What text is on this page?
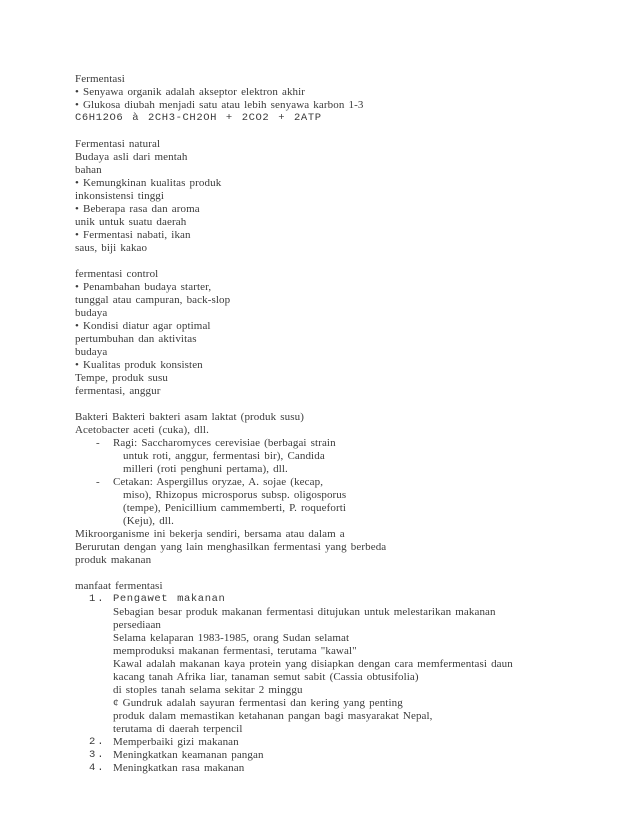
Fermentasi
• Senyawa organik adalah akseptor elektron akhir
• Glukosa diubah menjadi satu atau lebih senyawa karbon 1-3
C6H12O6 à 2CH3-CH2OH + 2CO2 + 2ATP
Fermentasi natural
Budaya asli dari mentah
bahan
• Kemungkinan kualitas produk
inkonsistensi tinggi
• Beberapa rasa dan aroma
unik untuk suatu daerah
• Fermentasi nabati, ikan
saus, biji kakao
fermentasi control
• Penambahan budaya starter,
tunggal atau campuran, back-slop
budaya
• Kondisi diatur agar optimal
pertumbuhan dan aktivitas
budaya
• Kualitas produk konsisten
Tempe, produk susu
fermentasi, anggur
Bakteri Bakteri bakteri asam laktat (produk susu)
Acetobacter aceti (cuka), dll.
- Ragi: Saccharomyces cerevisiae (berbagai strain
untuk roti, anggur, fermentasi bir), Candida
milleri (roti penghuni pertama), dll.
- Cetakan: Aspergillus oryzae, A. sojae (kecap,
miso), Rhizopus microsporus subsp. oligosporus
(tempe), Penicillium cammemberti, P. roqueforti
(Keju), dll.
Mikroorganisme ini bekerja sendiri, bersama atau dalam a
Berurutan dengan yang lain menghasilkan fermentasi yang berbeda
produk makanan
manfaat fermentasi
1. Pengawet makanan
Sebagian besar produk makanan fermentasi ditujukan untuk melestarikan makanan
persediaan
Selama kelaparan 1983-1985, orang Sudan selamat
memproduksi makanan fermentasi, terutama "kawal"
Kawal adalah makanan kaya protein yang disiapkan dengan cara memfermentasi daun
kacang tanah Afrika liar, tanaman semut sabit (Cassia obtusifolia)
di stoples tanah selama sekitar 2 minggu
¢ Gundruk adalah sayuran fermentasi dan kering yang penting
produk dalam memastikan ketahanan pangan bagi masyarakat Nepal,
terutama di daerah terpencil
2. Memperbaiki gizi makanan
3. Meningkatkan keamanan pangan
4. Meningkatkan rasa makanan
